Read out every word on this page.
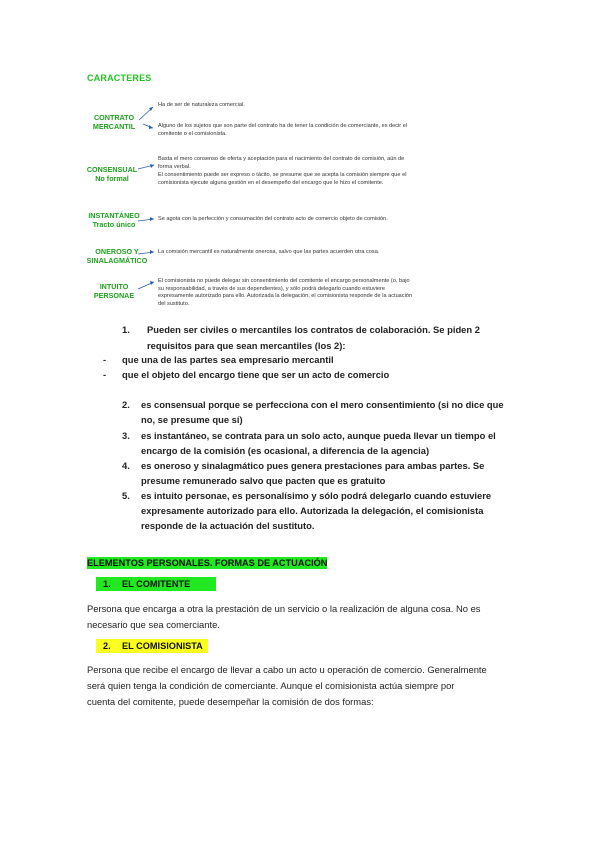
CARACTERES
CONTRATO MERCANTIL
Ha de ser de naturaleza comercial.
Alguno de los sujetos que son parte del contrato ha de tener la condición de comerciante, es decir el comitente o el comisionista.
CONSENSUAL No formal
Basta el mero consenso de oferta y aceptación para el nacimiento del contrato de comisión, aún de forma verbal.
El consentimiento puede ser expreso o tácito, se presume que se acepta la comisión siempre que el comisionista ejecute alguna gestión en el desempeño del encargo que le hizo el comitente.
INSTANTÁNEO Tracto único
Se agota con la perfección y consumación del contrato acto de comercio objeto de comisión.
ONEROSO Y SINALAGMÁTICO
La comisión mercantil es naturalmente onerosa, salvo que las partes acuerden otra cosa.
INTUITO PERSONAE
El comisionista no puede delegar sin consentimiento del comitente el encargo personalmente (o, bajo su responsabilidad, a través de sus dependientes), y sólo podrá delegarlo cuando estuviere expresamente autorizado para ello. Autorizada la delegación, el comisionista responde de la actuación del sustituto.
1. Pueden ser civiles o mercantiles los contratos de colaboración. Se piden 2
requisitos para que sean mercantiles (los 2):
- que una de las partes sea empresario mercantil
- que el objeto del encargo tiene que ser un acto de comercio
2. es consensual porque se perfecciona con el mero consentimiento (si no dice que
no, se presume que sí)
3. es instantáneo, se contrata para un solo acto, aunque pueda llevar un tiempo el
encargo de la comisión (es ocasional, a diferencia de la agencia)
4. es oneroso y sinalagmático pues genera prestaciones para ambas partes. Se
presume remunerado salvo que pacten que es gratuito
5. es intuito personae, es personalísimo y sólo podrá delegarlo cuando estuviere
expresamente autorizado para ello. Autorizada la delegación, el comisionista
responde de la actuación del sustituto.
ELEMENTOS PERSONALES. FORMAS DE ACTUACIÓN
1. EL COMITENTE
Persona que encarga a otra la prestación de un servicio o la realización de alguna cosa. No es
necesario que sea comerciante.
2. EL COMISIONISTA
Persona que recibe el encargo de llevar a cabo un acto u operación de comercio. Generalmente
será quien tenga la condición de comerciante. Aunque el comisionista actúa siempre por
cuenta del comitente, puede desempeñar la comisión de dos formas:
